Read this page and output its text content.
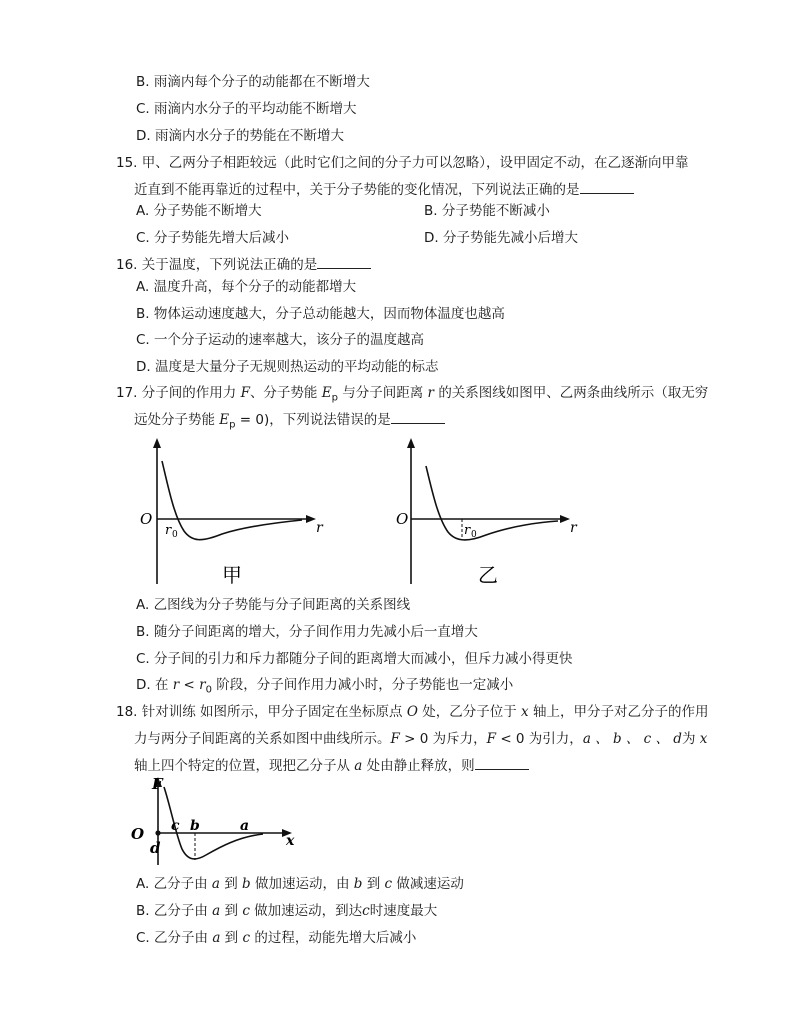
B. 雨滴内每个分子的动能都在不断增大
C. 雨滴内水分子的平均动能不断增大
D. 雨滴内水分子的势能在不断增大
15. 甲、乙两分子相距较远（此时它们之间的分子力可以忽略），设甲固定不动，在乙逐渐向甲靠
近直到不能再靠近的过程中，关于分子势能的变化情况，下列说法正确的是
A. 分子势能不断增大	B. 分子势能不断减小
C. 分子势能先增大后减小	D. 分子势能先减小后增大
16. 关于温度，下列说法正确的是
A. 温度升高，每个分子的动能都增大
B. 物体运动速度越大，分子总动能越大，因而物体温度也越高
C. 一个分子运动的速率越大，该分子的温度越高
D. 温度是大量分子无规则热运动的平均动能的标志
17. 分子间的作用力 F、分子势能 $E_p$ 与分子间距离 r 的关系图线如图甲、乙两条曲线所示（取无穷
远处分子势能 $E_p = 0$)，下列说法错误的是
O	r
r 0
甲
O	r
r 0
乙
A. 乙图线为分子势能与分子间距离的关系图线
B. 随分子间距离的增大，分子间作用力先减小后一直增大
C. 分子间的引力和斥力都随分子间的距离增大而减小，但斥力减小得更快
D. 在 $r < r_0$ 阶段，分子间作用力减小时，分子势能也一定减小
18. 针对训练 如图所示，甲分子固定在坐标原点 O 处，乙分子位于 x 轴上，甲分子对乙分子的作用
力与两分子间距离的关系如图中曲线所示。F > 0 为斥力，F < 0 为引力，a 、 b 、 c 、 d为 x
轴上四个特定的位置，现把乙分子从 a 处由静止释放，则
F
O	x
a
b
c
d
A. 乙分子由 a 到 b 做加速运动，由 b 到 c 做减速运动
B. 乙分子由 a 到 c 做加速运动，到达c时速度最大
C. 乙分子由 a 到 c 的过程，动能先增大后减小
